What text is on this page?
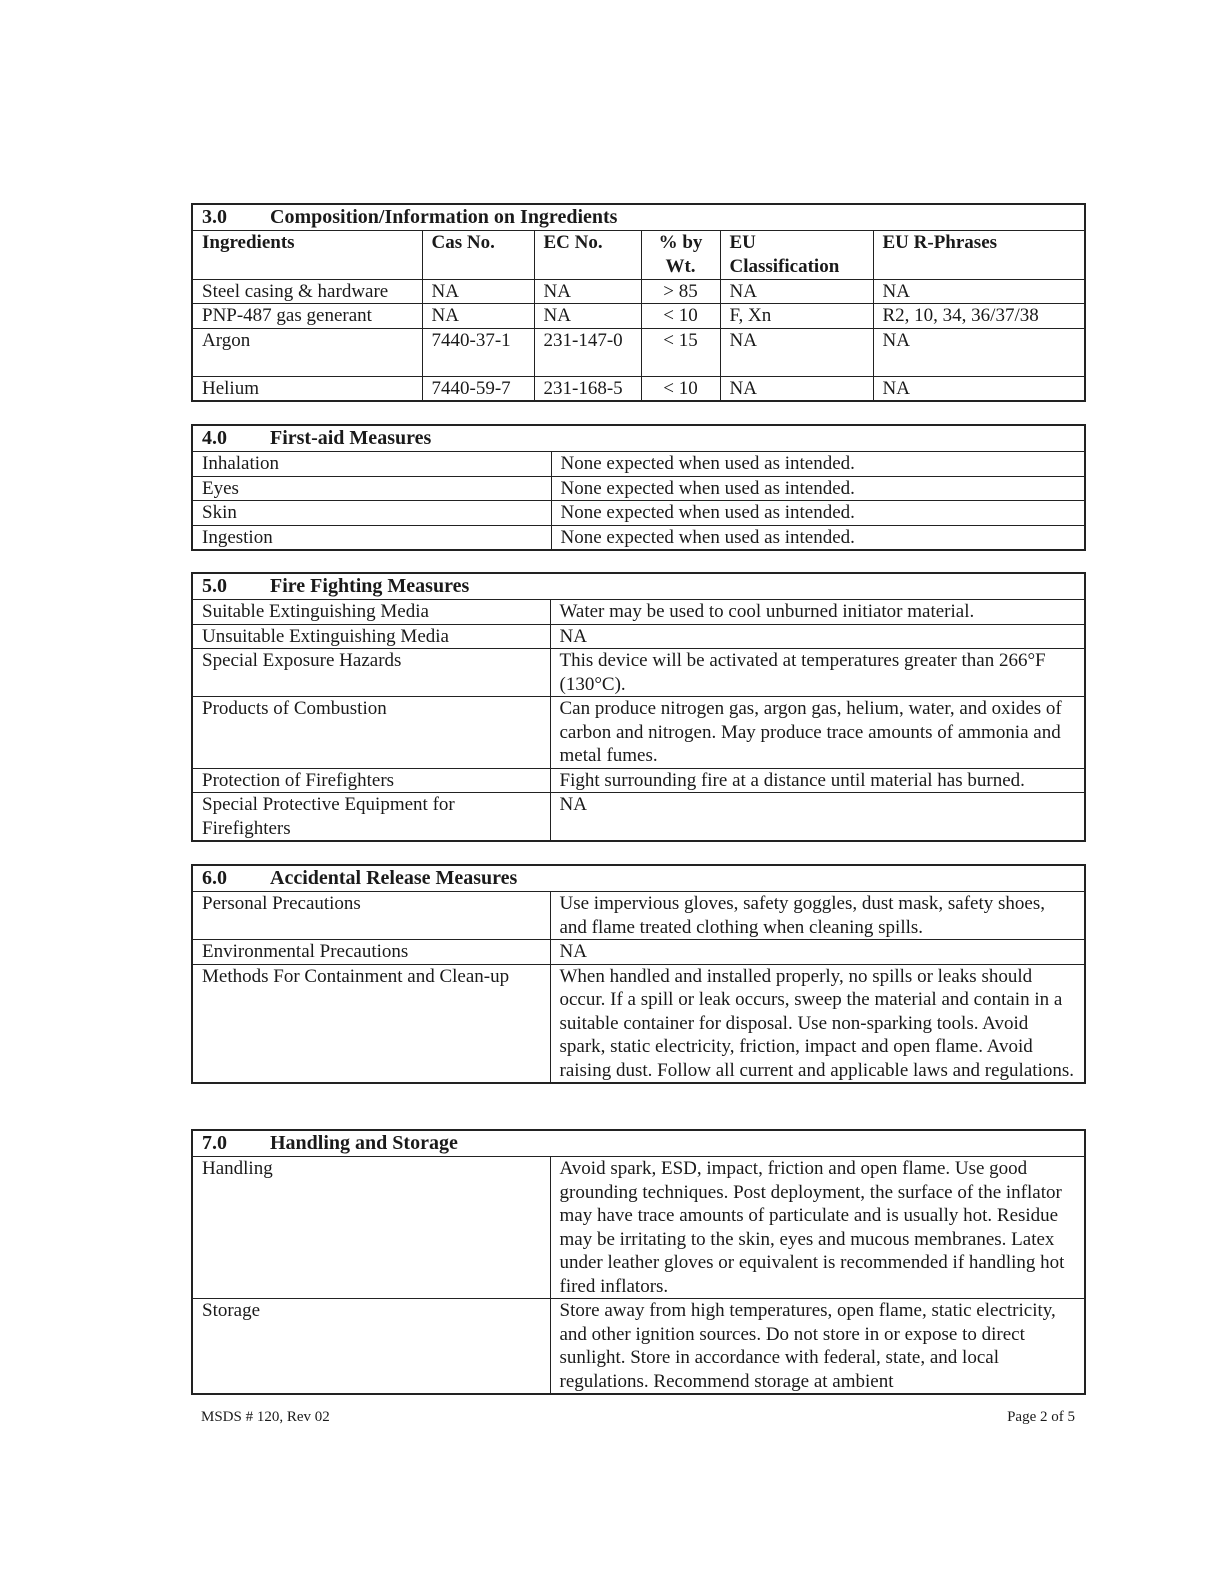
3.0 Composition/Information on Ingredients
Ingredients	Cas No.	EC No.	% by Wt.	EU Classification	EU R-Phrases
Steel casing & hardware	NA	NA	> 85	NA	NA
PNP-487 gas generant	NA	NA	< 10	F, Xn	R2, 10, 34, 36/37/38
Argon	7440-37-1	231-147-0	< 15	NA	NA
Helium	7440-59-7	231-168-5	< 10	NA	NA
4.0 First-aid Measures
Inhalation	None expected when used as intended.
Eyes	None expected when used as intended.
Skin	None expected when used as intended.
Ingestion	None expected when used as intended.
5.0 Fire Fighting Measures
Suitable Extinguishing Media	Water may be used to cool unburned initiator material.
Unsuitable Extinguishing Media	NA
Special Exposure Hazards	This device will be activated at temperatures greater than 266°F (130°C).
Products of Combustion	Can produce nitrogen gas, argon gas, helium, water, and oxides of carbon and nitrogen. May produce trace amounts of ammonia and metal fumes.
Protection of Firefighters	Fight surrounding fire at a distance until material has burned.
Special Protective Equipment for Firefighters	NA
6.0 Accidental Release Measures
Personal Precautions	Use impervious gloves, safety goggles, dust mask, safety shoes, and flame treated clothing when cleaning spills.
Environmental Precautions	NA
Methods For Containment and Clean-up	When handled and installed properly, no spills or leaks should occur. If a spill or leak occurs, sweep the material and contain in a suitable container for disposal. Use non-sparking tools. Avoid spark, static electricity, friction, impact and open flame. Avoid raising dust. Follow all current and applicable laws and regulations.
7.0 Handling and Storage
Handling	Avoid spark, ESD, impact, friction and open flame. Use good grounding techniques. Post deployment, the surface of the inflator may have trace amounts of particulate and is usually hot. Residue may be irritating to the skin, eyes and mucous membranes. Latex under leather gloves or equivalent is recommended if handling hot fired inflators.
Storage	Store away from high temperatures, open flame, static electricity, and other ignition sources. Do not store in or expose to direct sunlight. Store in accordance with federal, state, and local regulations. Recommend storage at ambient
MSDS # 120, Rev 02	Page 2 of 5
